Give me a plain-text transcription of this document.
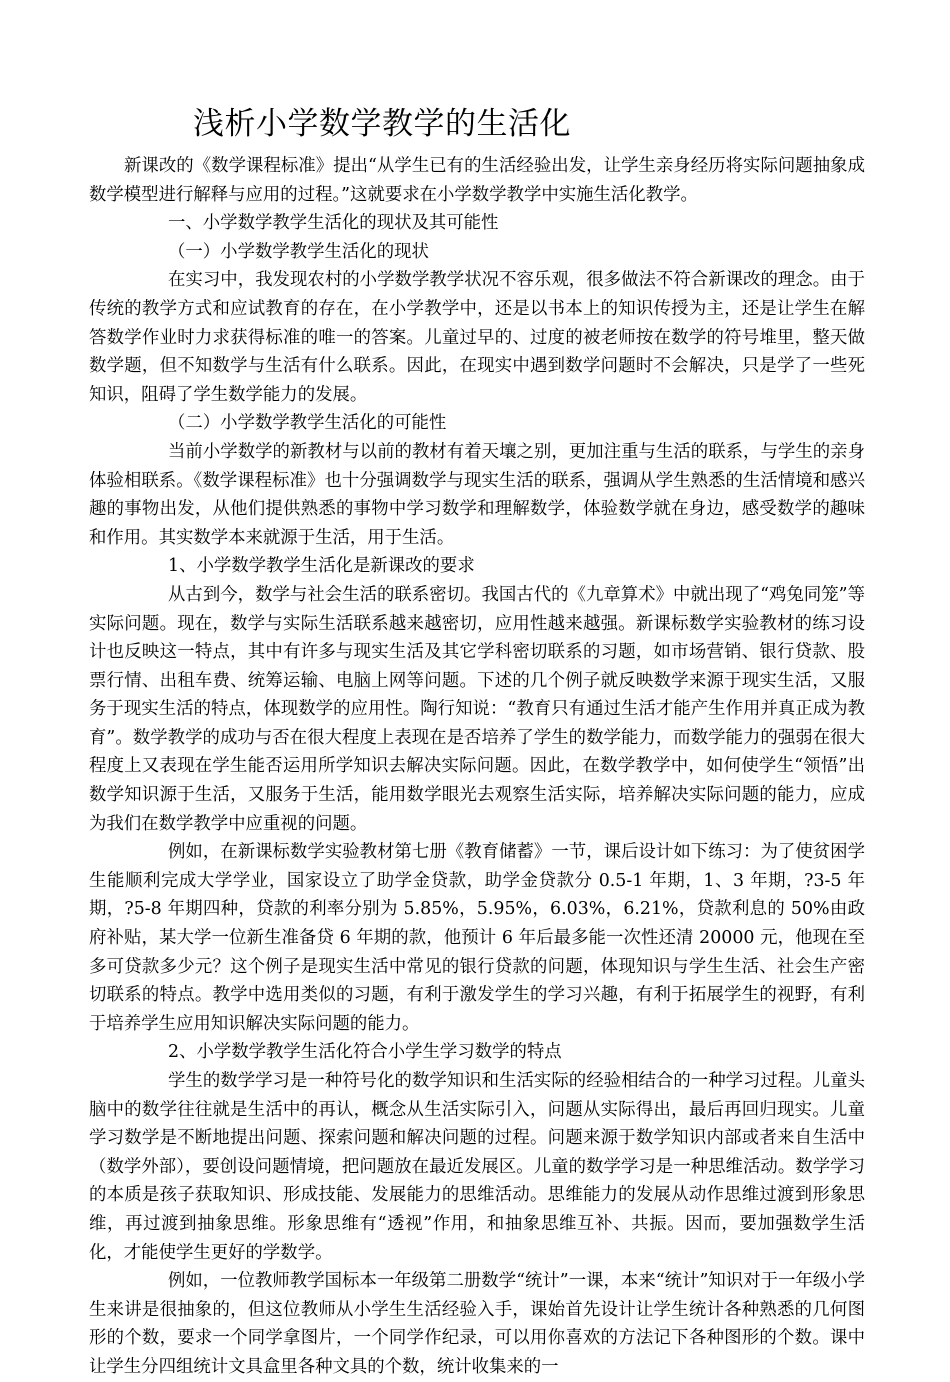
浅析小学数学教学的生活化

新课改的《数学课程标准》提出“从学生已有的生活经验出发，让学生亲身经历将实际问题抽象成数学模型进行解释与应用的过程。”这就要求在小学数学教学中实施生活化教学。

一、小学数学教学生活化的现状及其可能性

（一）小学数学教学生活化的现状

在实习中，我发现农村的小学数学教学状况不容乐观，很多做法不符合新课改的理念。由于传统的教学方式和应试教育的存在，在小学教学中，还是以书本上的知识传授为主，还是让学生在解答数学作业时力求获得标准的唯一的答案。儿童过早的、过度的被老师按在数学的符号堆里，整天做数学题，但不知数学与生活有什么联系。因此，在现实中遇到数学问题时不会解决，只是学了一些死知识，阻碍了学生数学能力的发展。

（二）小学数学教学生活化的可能性

当前小学数学的新教材与以前的教材有着天壤之别，更加注重与生活的联系，与学生的亲身体验相联系。《数学课程标准》也十分强调数学与现实生活的联系，强调从学生熟悉的生活情境和感兴趣的事物出发，从他们提供熟悉的事物中学习数学和理解数学，体验数学就在身边，感受数学的趣味和作用。其实数学本来就源于生活，用于生活。

1、小学数学教学生活化是新课改的要求

从古到今，数学与社会生活的联系密切。我国古代的《九章算术》中就出现了“鸡兔同笼”等实际问题。现在，数学与实际生活联系越来越密切，应用性越来越强。新课标数学实验教材的练习设计也反映这一特点，其中有许多与现实生活及其它学科密切联系的习题，如市场营销、银行贷款、股票行情、出租车费、统筹运输、电脑上网等问题。下述的几个例子就反映数学来源于现实生活，又服务于现实生活的特点，体现数学的应用性。陶行知说：“教育只有通过生活才能产生作用并真正成为教育”。数学教学的成功与否在很大程度上表现在是否培养了学生的数学能力，而数学能力的强弱在很大程度上又表现在学生能否运用所学知识去解决实际问题。因此，在数学教学中，如何使学生“领悟”出数学知识源于生活，又服务于生活，能用数学眼光去观察生活实际，培养解决实际问题的能力，应成为我们在数学教学中应重视的问题。

例如，在新课标数学实验教材第七册《教育储蓄》一节，课后设计如下练习：为了使贫困学生能顺利完成大学学业，国家设立了助学金贷款，助学金贷款分 0.5-1 年期，1、3 年期，?3-5 年期，?5-8 年期四种，贷款的利率分别为 5.85%，5.95%，6.03%，6.21%，贷款利息的 50%由政府补贴，某大学一位新生准备贷 6 年期的款，他预计 6 年后最多能一次性还清 20000 元，他现在至多可贷款多少元？这个例子是现实生活中常见的银行贷款的问题，体现知识与学生生活、社会生产密切联系的特点。教学中选用类似的习题，有利于激发学生的学习兴趣，有利于拓展学生的视野，有利于培养学生应用知识解决实际问题的能力。

2、小学数学教学生活化符合小学生学习数学的特点

学生的数学学习是一种符号化的数学知识和生活实际的经验相结合的一种学习过程。儿童头脑中的数学往往就是生活中的再认，概念从生活实际引入，问题从实际得出，最后再回归现实。儿童学习数学是不断地提出问题、探索问题和解决问题的过程。问题来源于数学知识内部或者来自生活中（数学外部），要创设问题情境，把问题放在最近发展区。儿童的数学学习是一种思维活动。数学学习的本质是孩子获取知识、形成技能、发展能力的思维活动。思维能力的发展从动作思维过渡到形象思维，再过渡到抽象思维。形象思维有“透视”作用，和抽象思维互补、共振。因而，要加强数学生活化，才能使学生更好的学数学。

例如，一位教师教学国标本一年级第二册数学“统计”一课，本来“统计”知识对于一年级小学生来讲是很抽象的，但这位教师从小学生生活经验入手，课始首先设计让学生统计各种熟悉的几何图形的个数，要求一个同学拿图片，一个同学作纪录，可以用你喜欢的方法记下各种图形的个数。课中让学生分四组统计文具盒里各种文具的个数，统计收集来的一
